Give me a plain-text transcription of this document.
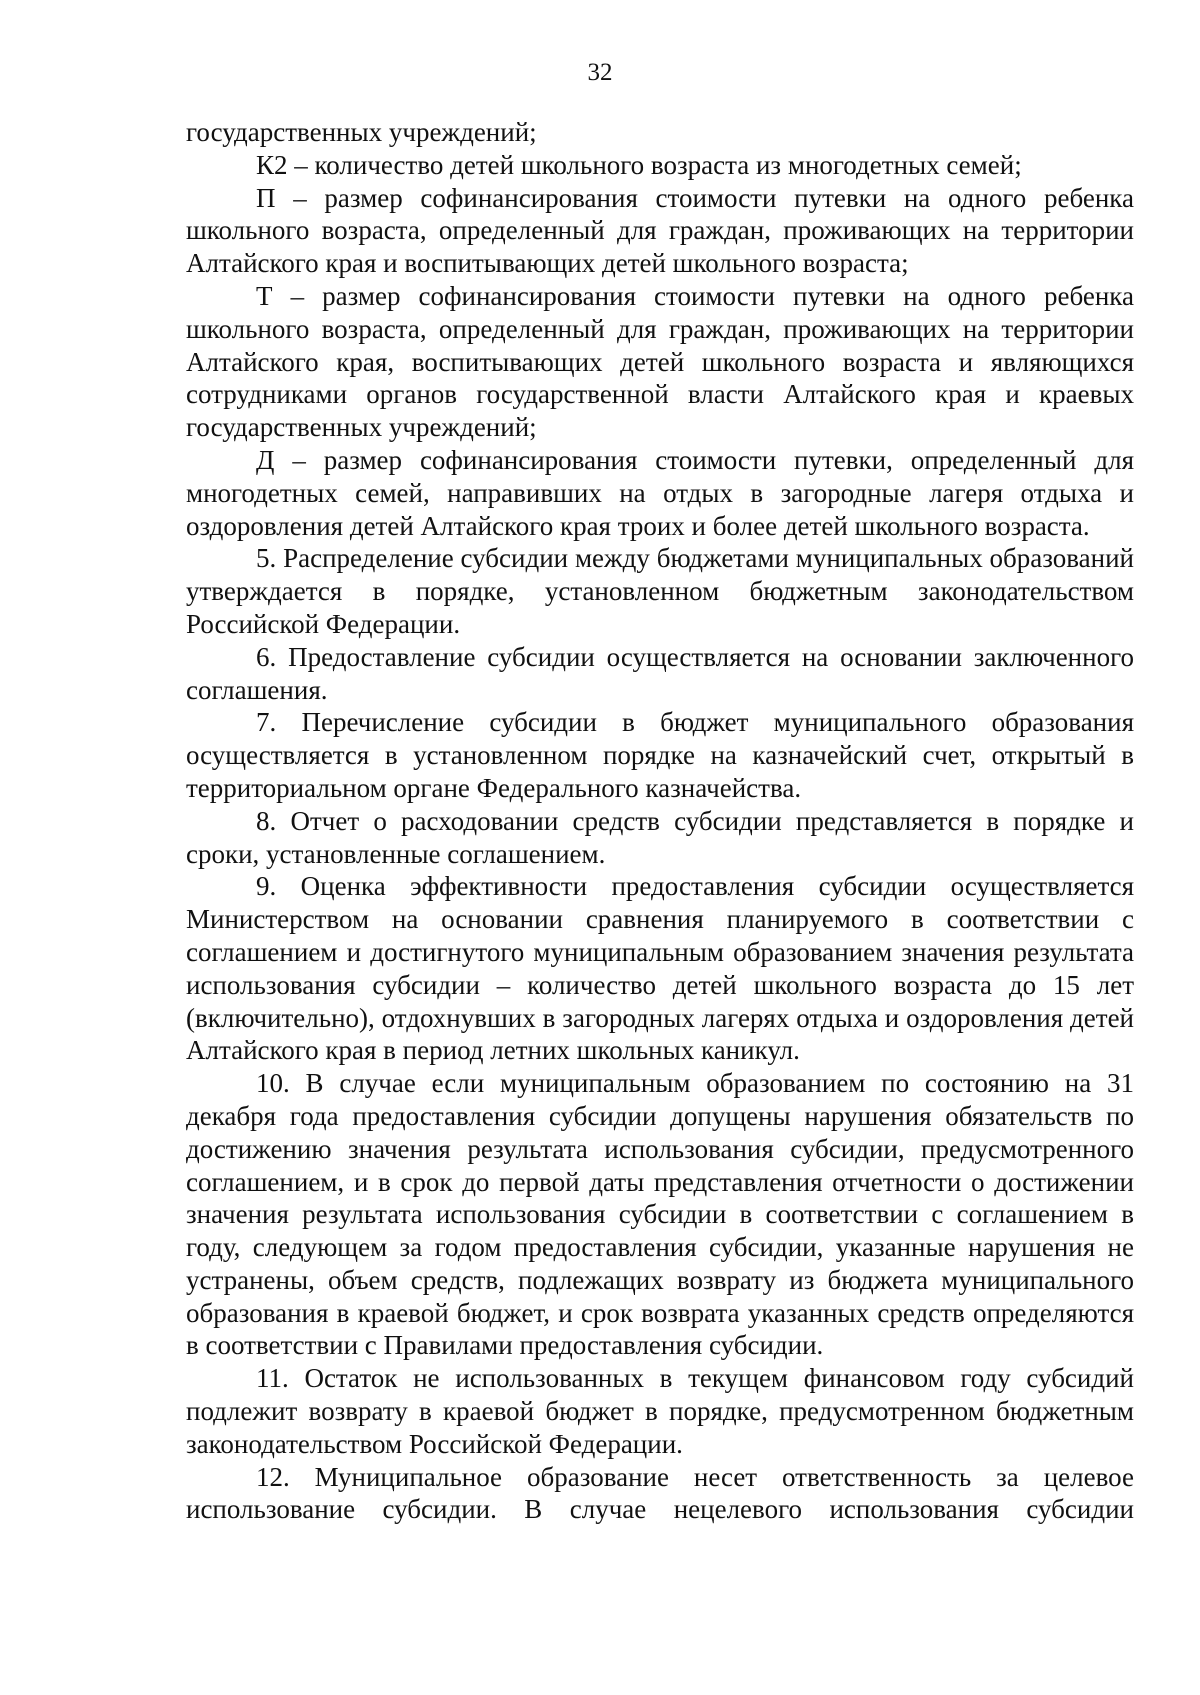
32

государственных учреждений;

К2 – количество детей школьного возраста из многодетных семей;

П – размер софинансирования стоимости путевки на одного ребенка школьного возраста, определенный для граждан, проживающих на территории Алтайского края и воспитывающих детей школьного возраста;

Т – размер софинансирования стоимости путевки на одного ребенка школьного возраста, определенный для граждан, проживающих на территории Алтайского края, воспитывающих детей школьного возраста и являющихся сотрудниками органов государственной власти Алтайского края и краевых государственных учреждений;

Д – размер софинансирования стоимости путевки, определенный для многодетных семей, направивших на отдых в загородные лагеря отдыха и оздоровления детей Алтайского края троих и более детей школьного возраста.

5. Распределение субсидии между бюджетами муниципальных образований утверждается в порядке, установленном бюджетным законодательством Российской Федерации.

6. Предоставление субсидии осуществляется на основании заключенного соглашения.

7. Перечисление субсидии в бюджет муниципального образования осуществляется в установленном порядке на казначейский счет, открытый в территориальном органе Федерального казначейства.

8. Отчет о расходовании средств субсидии представляется в порядке и сроки, установленные соглашением.

9. Оценка эффективности предоставления субсидии осуществляется Министерством на основании сравнения планируемого в соответствии с соглашением и достигнутого муниципальным образованием значения результата использования субсидии – количество детей школьного возраста до 15 лет (включительно), отдохнувших в загородных лагерях отдыха и оздоровления детей Алтайского края в период летних школьных каникул.

10. В случае если муниципальным образованием по состоянию на 31 декабря года предоставления субсидии допущены нарушения обязательств по достижению значения результата использования субсидии, предусмотренного соглашением, и в срок до первой даты представления отчетности о достижении значения результата использования субсидии в соответствии с соглашением в году, следующем за годом предоставления субсидии, указанные нарушения не устранены, объем средств, подлежащих возврату из бюджета муниципального образования в краевой бюджет, и срок возврата указанных средств определяются в соответствии с Правилами предоставления субсидии.

11. Остаток не использованных в текущем финансовом году субсидий подлежит возврату в краевой бюджет в порядке, предусмотренном бюджетным законодательством Российской Федерации.

12. Муниципальное образование несет ответственность за целевое использование субсидии. В случае нецелевого использования субсидии
